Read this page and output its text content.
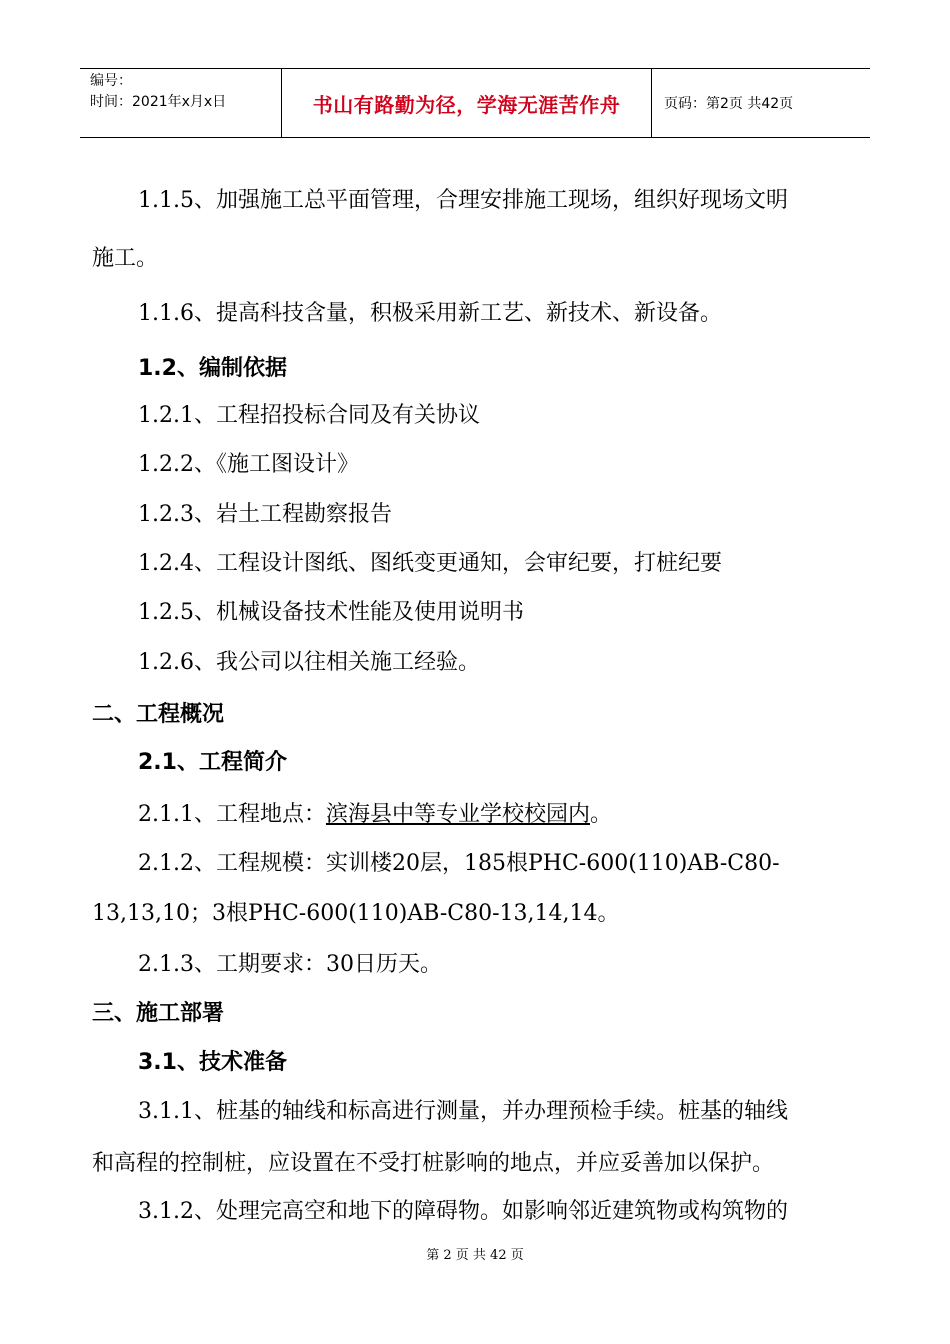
编号：
时间：2021年x月x日	书山有路勤为径，学海无涯苦作舟	页码：第2页 共42页
1.1.5、加强施工总平面管理，合理安排施工现场，组织好现场文明
施工。
1.1.6、提高科技含量，积极采用新工艺、新技术、新设备。
1.2、编制依据
1.2.1、工程招投标合同及有关协议
1.2.2、《施工图设计》
1.2.3、岩土工程勘察报告
1.2.4、工程设计图纸、图纸变更通知，会审纪要，打桩纪要
1.2.5、机械设备技术性能及使用说明书
1.2.6、我公司以往相关施工经验。
二、工程概况
2.1、工程简介
2.1.1、工程地点：滨海县中等专业学校校园内。
2.1.2、工程规模：实训楼20层，185根PHC-600(110)AB-C80-
13,13,10；3根PHC-600(110)AB-C80-13,14,14。
2.1.3、工期要求：30日历天。
三、施工部署
3.1、技术准备
3.1.1、桩基的轴线和标高进行测量，并办理预检手续。桩基的轴线
和高程的控制桩，应设置在不受打桩影响的地点，并应妥善加以保护。
3.1.2、处理完高空和地下的障碍物。如影响邻近建筑物或构筑物的
第 2 页 共 42 页
